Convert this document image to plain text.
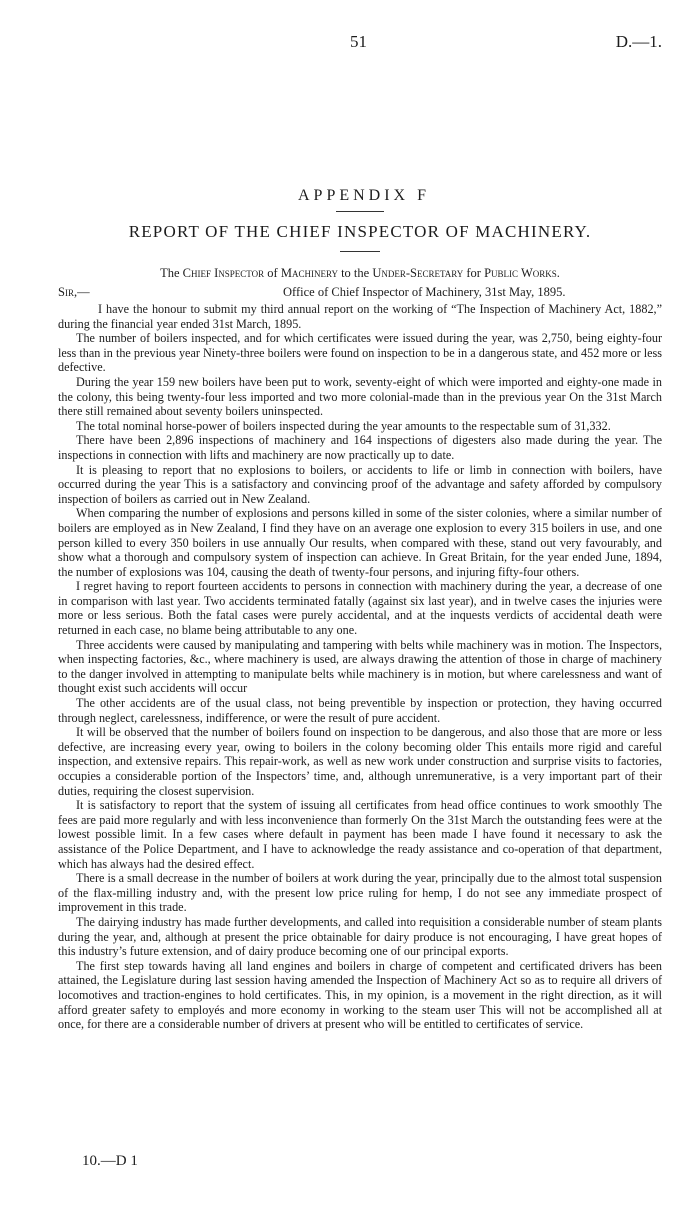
51	D.—1.
APPENDIX F
REPORT OF THE CHIEF INSPECTOR OF MACHINERY.
The Chief Inspector of Machinery to the Under-Secretary for Public Works.
Sir,—	Office of Chief Inspector of Machinery, 31st May, 1895.

I have the honour to submit my third annual report on the working of “The Inspection of Machinery Act, 1882,” during the financial year ended 31st March, 1895.

The number of boilers inspected, and for which certificates were issued during the year, was 2,750, being eighty-four less than in the previous year Ninety-three boilers were found on inspection to be in a dangerous state, and 452 more or less defective.

During the year 159 new boilers have been put to work, seventy-eight of which were imported and eighty-one made in the colony, this being twenty-four less imported and two more colonial-made than in the previous year On the 31st March there still remained about seventy boilers uninspected.

The total nominal horse-power of boilers inspected during the year amounts to the respectable sum of 31,332.

There have been 2,896 inspections of machinery and 164 inspections of digesters also made during the year. The inspections in connection with lifts and machinery are now practically up to date.

It is pleasing to report that no explosions to boilers, or accidents to life or limb in connection with boilers, have occurred during the year This is a satisfactory and convincing proof of the advantage and safety afforded by compulsory inspection of boilers as carried out in New Zealand.

When comparing the number of explosions and persons killed in some of the sister colonies, where a similar number of boilers are employed as in New Zealand, I find they have on an average one explosion to every 315 boilers in use, and one person killed to every 350 boilers in use annually Our results, when compared with these, stand out very favourably, and show what a thorough and compulsory system of inspection can achieve. In Great Britain, for the year ended June, 1894, the number of explosions was 104, causing the death of twenty-four persons, and injuring fifty-four others.

I regret having to report fourteen accidents to persons in connection with machinery during the year, a decrease of one in comparison with last year. Two accidents terminated fatally (against six last year), and in twelve cases the injuries were more or less serious. Both the fatal cases were purely accidental, and at the inquests verdicts of accidental death were returned in each case, no blame being attributable to any one.

Three accidents were caused by manipulating and tampering with belts while machinery was in motion. The Inspectors, when inspecting factories, &c., where machinery is used, are always drawing the attention of those in charge of machinery to the danger involved in attempting to manipulate belts while machinery is in motion, but where carelessness and want of thought exist such accidents will occur

The other accidents are of the usual class, not being preventible by inspection or protection, they having occurred through neglect, carelessness, indifference, or were the result of pure accident.

It will be observed that the number of boilers found on inspection to be dangerous, and also those that are more or less defective, are increasing every year, owing to boilers in the colony becoming older This entails more rigid and careful inspection, and extensive repairs. This repair-work, as well as new work under construction and surprise visits to factories, occupies a considerable portion of the Inspectors’ time, and, although unremunerative, is a very important part of their duties, requiring the closest supervision.

It is satisfactory to report that the system of issuing all certificates from head office continues to work smoothly The fees are paid more regularly and with less inconvenience than formerly On the 31st March the outstanding fees were at the lowest possible limit. In a few cases where default in payment has been made I have found it necessary to ask the assistance of the Police Department, and I have to acknowledge the ready assistance and co-operation of that department, which has always had the desired effect.

There is a small decrease in the number of boilers at work during the year, principally due to the almost total suspension of the flax-milling industry and, with the present low price ruling for hemp, I do not see any immediate prospect of improvement in this trade.

The dairying industry has made further developments, and called into requisition a considerable number of steam plants during the year, and, although at present the price obtainable for dairy produce is not encouraging, I have great hopes of this industry’s future extension, and of dairy produce becoming one of our principal exports.

The first step towards having all land engines and boilers in charge of competent and certificated drivers has been attained, the Legislature during last session having amended the Inspection of Machinery Act so as to require all drivers of locomotives and traction-engines to hold certificates. This, in my opinion, is a movement in the right direction, as it will afford greater safety to employés and more economy in working to the steam user This will not be accomplished all at once, for there are a considerable number of drivers at present who will be entitled to certificates of service.

10.—D 1
